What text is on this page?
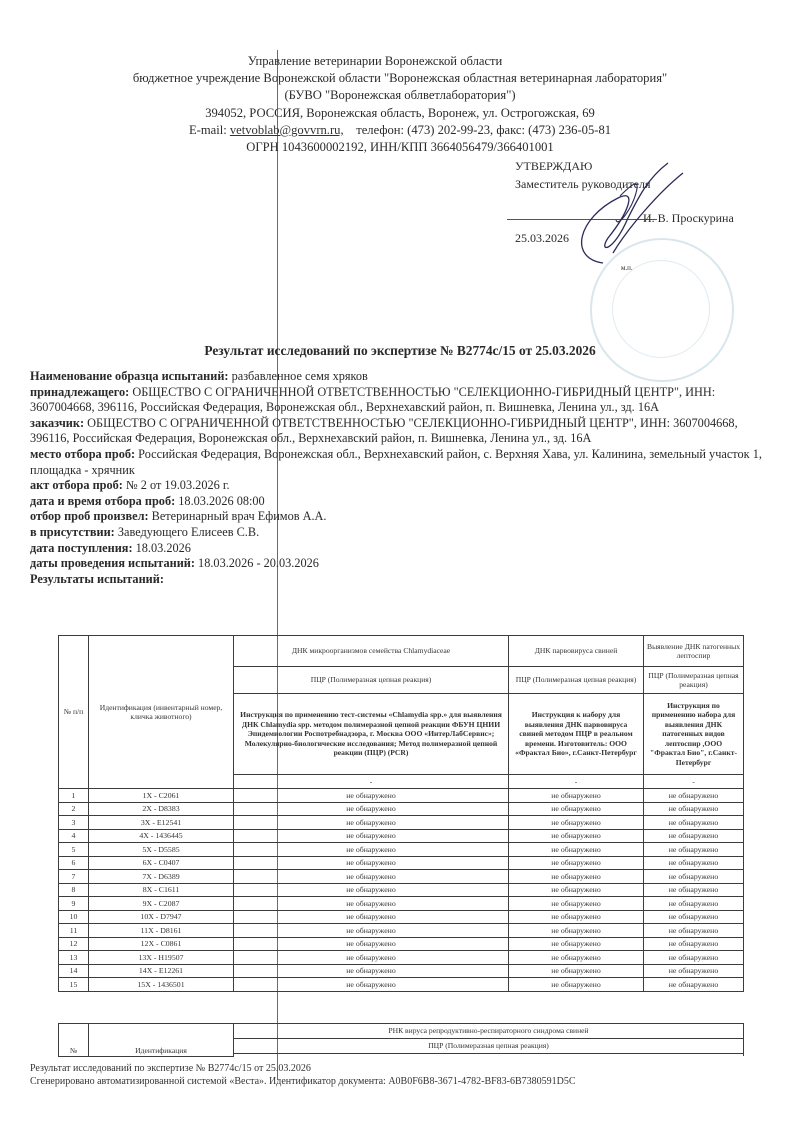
Управление ветеринарии Воронежской области
бюджетное учреждение Воронежской области "Воронежская областная ветеринарная лаборатория"
(БУВО "Воронежская облветлаборатория")
394052, РОССИЯ, Воронежская область, Воронеж, ул. Острогожская, 69
E-mail: vetvoblab@govvrn.ru, телефон: (473) 202-99-23, факс: (473) 236-05-81
ОГРН 1043600002192, ИНН/КПП 3664056479/366401001
УТВЕРЖДАЮ
Заместитель руководителя
И. В. Проскурина
25.03.2026
м.п.
Результат исследований по экспертизе № B2774c/15 от 25.03.2026
Наименование образца испытаний: разбавленное семя хряков
принадлежащего: ОБЩЕСТВО С ОГРАНИЧЕННОЙ ОТВЕТСТВЕННОСТЬЮ "СЕЛЕКЦИОННО-ГИБРИДНЫЙ ЦЕНТР", ИНН: 3607004668, 396116, Российская Федерация, Воронежская обл., Верхнехавский район, п. Вишневка, Ленина ул., зд. 16А
заказчик: ОБЩЕСТВО С ОГРАНИЧЕННОЙ ОТВЕТСТВЕННОСТЬЮ "СЕЛЕКЦИОННО-ГИБРИДНЫЙ ЦЕНТР", ИНН: 3607004668, 396116, Российская Федерация, Воронежская обл., Верхнехавский район, п. Вишневка, Ленина ул., зд. 16А
место отбора проб: Российская Федерация, Воронежская обл., Верхнехавский район, с. Верхняя Хава, ул. Калинина, земельный участок 1, площадка - хрячник
акт отбора проб: № 2 от 19.03.2026 г.
дата и время отбора проб: 18.03.2026 08:00
отбор проб произвел: Ветеринарный врач Ефимов А.А.
в присутствии: Заведующего Елисеев С.В.
дата поступления: 18.03.2026
даты проведения испытаний: 18.03.2026 - 20.03.2026
Результаты испытаний:
№ п/п	Идентификация (инвентарный номер, кличка животного)	ДНК микроорганизмов семейства Chlamydiaceae	ДНК парвовируса свиней	Выявление ДНК патогенных лептоспир
		ПЦР (Полимеразная цепная реакция)	ПЦР (Полимеразная цепная реакция)	ПЦР (Полимеразная цепная реакция)
		Инструкция по применению тест-системы «Chlamydia spp.» для выявления ДНК Chlamydia spp. методом полимеразной цепной реакции ФБУН ЦНИИ Эпидемиологии Роспотребнадзора, г. Москва ООО «ИнтерЛабСервис»; Молекулярно-биологические исследования; Метод полимеразной цепной реакции (ПЦР) (PCR)	Инструкция к набору для выявления ДНК парвовируса свиней методом ПЦР в реальном времени. Изготовитель: ООО «Фрактал Био», г.Санкт-Петербург	Инструкция по применению набора для выявления ДНК патогенных видов лептоспир ,ООО "Фрактал Био", г.Санкт-Петербург
		-	-	-
1	1X - C2061	не обнаружено	не обнаружено	не обнаружено
2	2X - D8383	не обнаружено	не обнаружено	не обнаружено
3	3X - E12541	не обнаружено	не обнаружено	не обнаружено
4	4X - 1436445	не обнаружено	не обнаружено	не обнаружено
5	5X - D5585	не обнаружено	не обнаружено	не обнаружено
6	6X - C0407	не обнаружено	не обнаружено	не обнаружено
7	7X - D6389	не обнаружено	не обнаружено	не обнаружено
8	8X - C1611	не обнаружено	не обнаружено	не обнаружено
9	9X - C2087	не обнаружено	не обнаружено	не обнаружено
10	10X - D7947	не обнаружено	не обнаружено	не обнаружено
11	11X - D8161	не обнаружено	не обнаружено	не обнаружено
12	12X - C0861	не обнаружено	не обнаружено	не обнаружено
13	13X - H19507	не обнаружено	не обнаружено	не обнаружено
14	14X - E12261	не обнаружено	не обнаружено	не обнаружено
15	15X - 1436501	не обнаружено	не обнаружено	не обнаружено
№	Идентификация	РНК вируса репродуктивно-респираторного синдрома свиней
ПЦР (Полимеразная цепная реакция)

Результат исследований по экспертизе № B2774c/15 от 25.03.2026
Сгенерировано автоматизированной системой «Веста». Идентификатор документа: A0B0F6B8-3671-4782-BF83-6B7380591D5C
